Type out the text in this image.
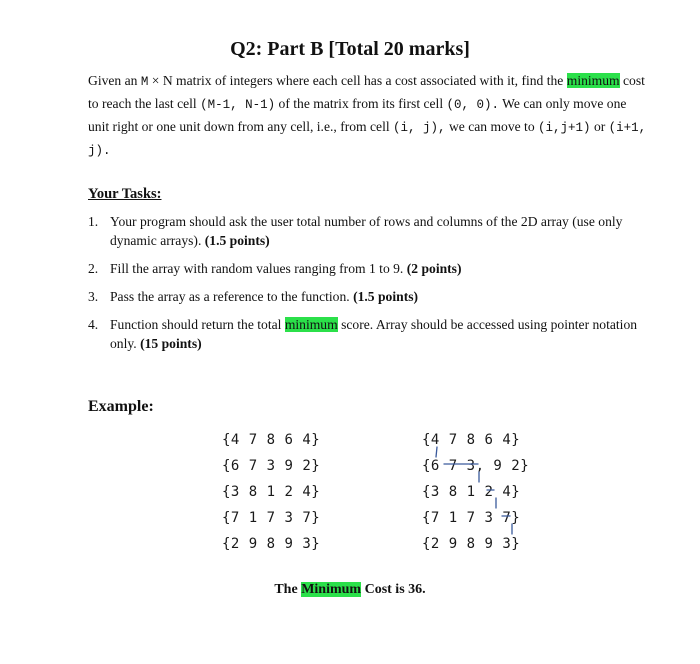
Q2: Part B [Total 20 marks]

Given an M × N matrix of integers where each cell has a cost associated with it, find the minimum cost to reach the last cell (M-1, N-1) of the matrix from its first cell (0, 0). We can only move one unit right or one unit down from any cell, i.e., from cell (i, j), we can move to (i,j+1) or (i+1, j).

Your Tasks:
1. Your program should ask the user total number of rows and columns of the 2D array (use only dynamic arrays). (1.5 points)
2. Fill the array with random values ranging from 1 to 9. (2 points)
3. Pass the array as a reference to the function. (1.5 points)
4. Function should return the total minimum score. Array should be accessed using pointer notation only. (15 points)
Example:
{4 7 8 6 4}
{6 7 3 9 2}
{3 8 1 2 4}
{7 1 7 3 7}
{2 9 8 9 3}
{4 7 8 6 4}
{6 7 3, 9 2}
{3 8 1 2 4}
{7 1 7 3 7}
{2 9 8 9 3}

The Minimum Cost is 36.
